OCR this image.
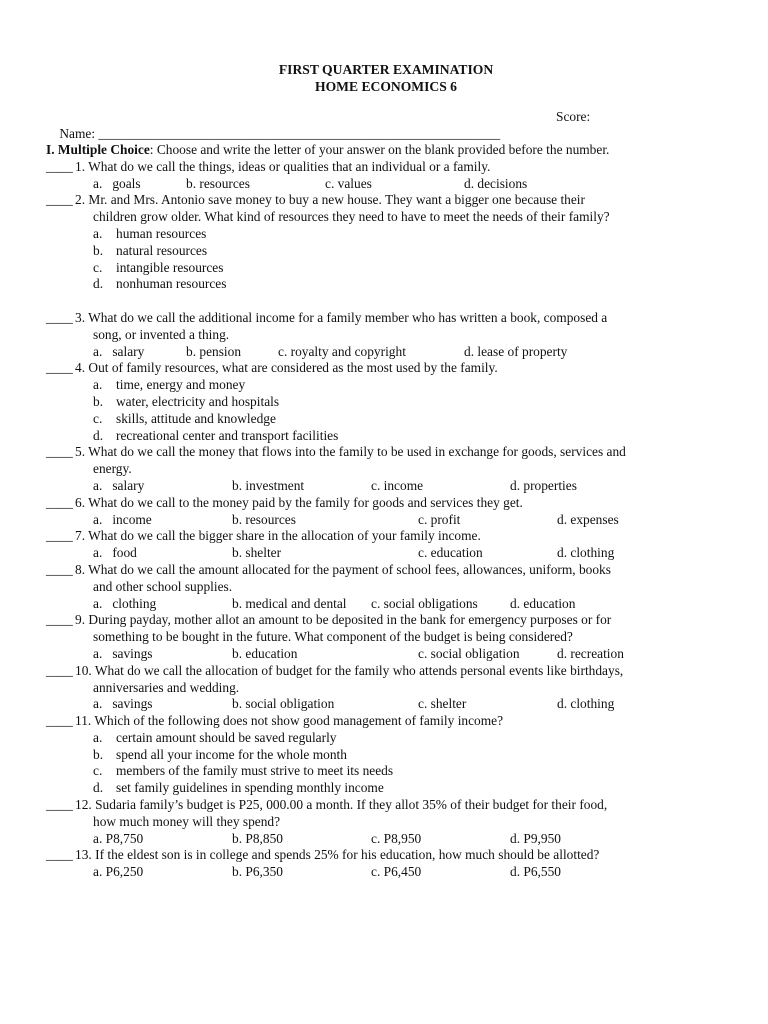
FIRST QUARTER EXAMINATION
HOME ECONOMICS 6

Name: ____________________________________________________________

Score:

I. Multiple Choice: Choose and write the letter of your answer on the blank provided before the number.
____ 1. What do we call the things, ideas or qualities that an individual or a family.
a.   goals	b. resources	c. values	d. decisions
____ 2. Mr. and Mrs. Antonio save money to buy a new house. They want a bigger one because their
children grow older. What kind of resources they need to have to meet the needs of their family?
a. human resources
b. natural resources
c. intangible resources
d. nonhuman resources
____ 3. What do we call the additional income for a family member who has written a book, composed a
song, or invented a thing.
a.   salary	b. pension	c. royalty and copyright	d. lease of property
____ 4. Out of family resources, what are considered as the most used by the family.
a. time, energy and money
b. water, electricity and hospitals
c. skills, attitude and knowledge
d. recreational center and transport facilities
____ 5. What do we call the money that flows into the family to be used in exchange for goods, services and
energy.
a.   salary	b. investment	c. income	d. properties
____ 6. What do we call to the money paid by the family for goods and services they get.
a.   income	b. resources	c. profit	d. expenses
____ 7. What do we call the bigger share in the allocation of your family income.
a.   food	b. shelter	c. education	d. clothing
____ 8. What do we call the amount allocated for the payment of school fees, allowances, uniform, books
and other school supplies.
a.   clothing	b. medical and dental c. social obligations d. education
____ 9. During payday, mother allot an amount to be deposited in the bank for emergency purposes or for
something to be bought in the future. What component of the budget is being considered?
a.   savings	b. education	c. social obligation	d. recreation
____ 10. What do we call the allocation of budget for the family who attends personal events like birthdays,
anniversaries and wedding.
a.   savings	b. social obligation	c. shelter	d. clothing
____ 11. Which of the following does not show good management of family income?
a. certain amount should be saved regularly
b. spend all your income for the whole month
c. members of the family must strive to meet its needs
d. set family guidelines in spending monthly income
____ 12. Sudaria family’s budget is P25, 000.00 a month. If they allot 35% of their budget for their food,
how much money will they spend?
a. P8,750	b. P8,850	c. P8,950	d. P9,950
____ 13. If the eldest son is in college and spends 25% for his education, how much should be allotted?
a. P6,250	b. P6,350	c. P6,450	d. P6,550
